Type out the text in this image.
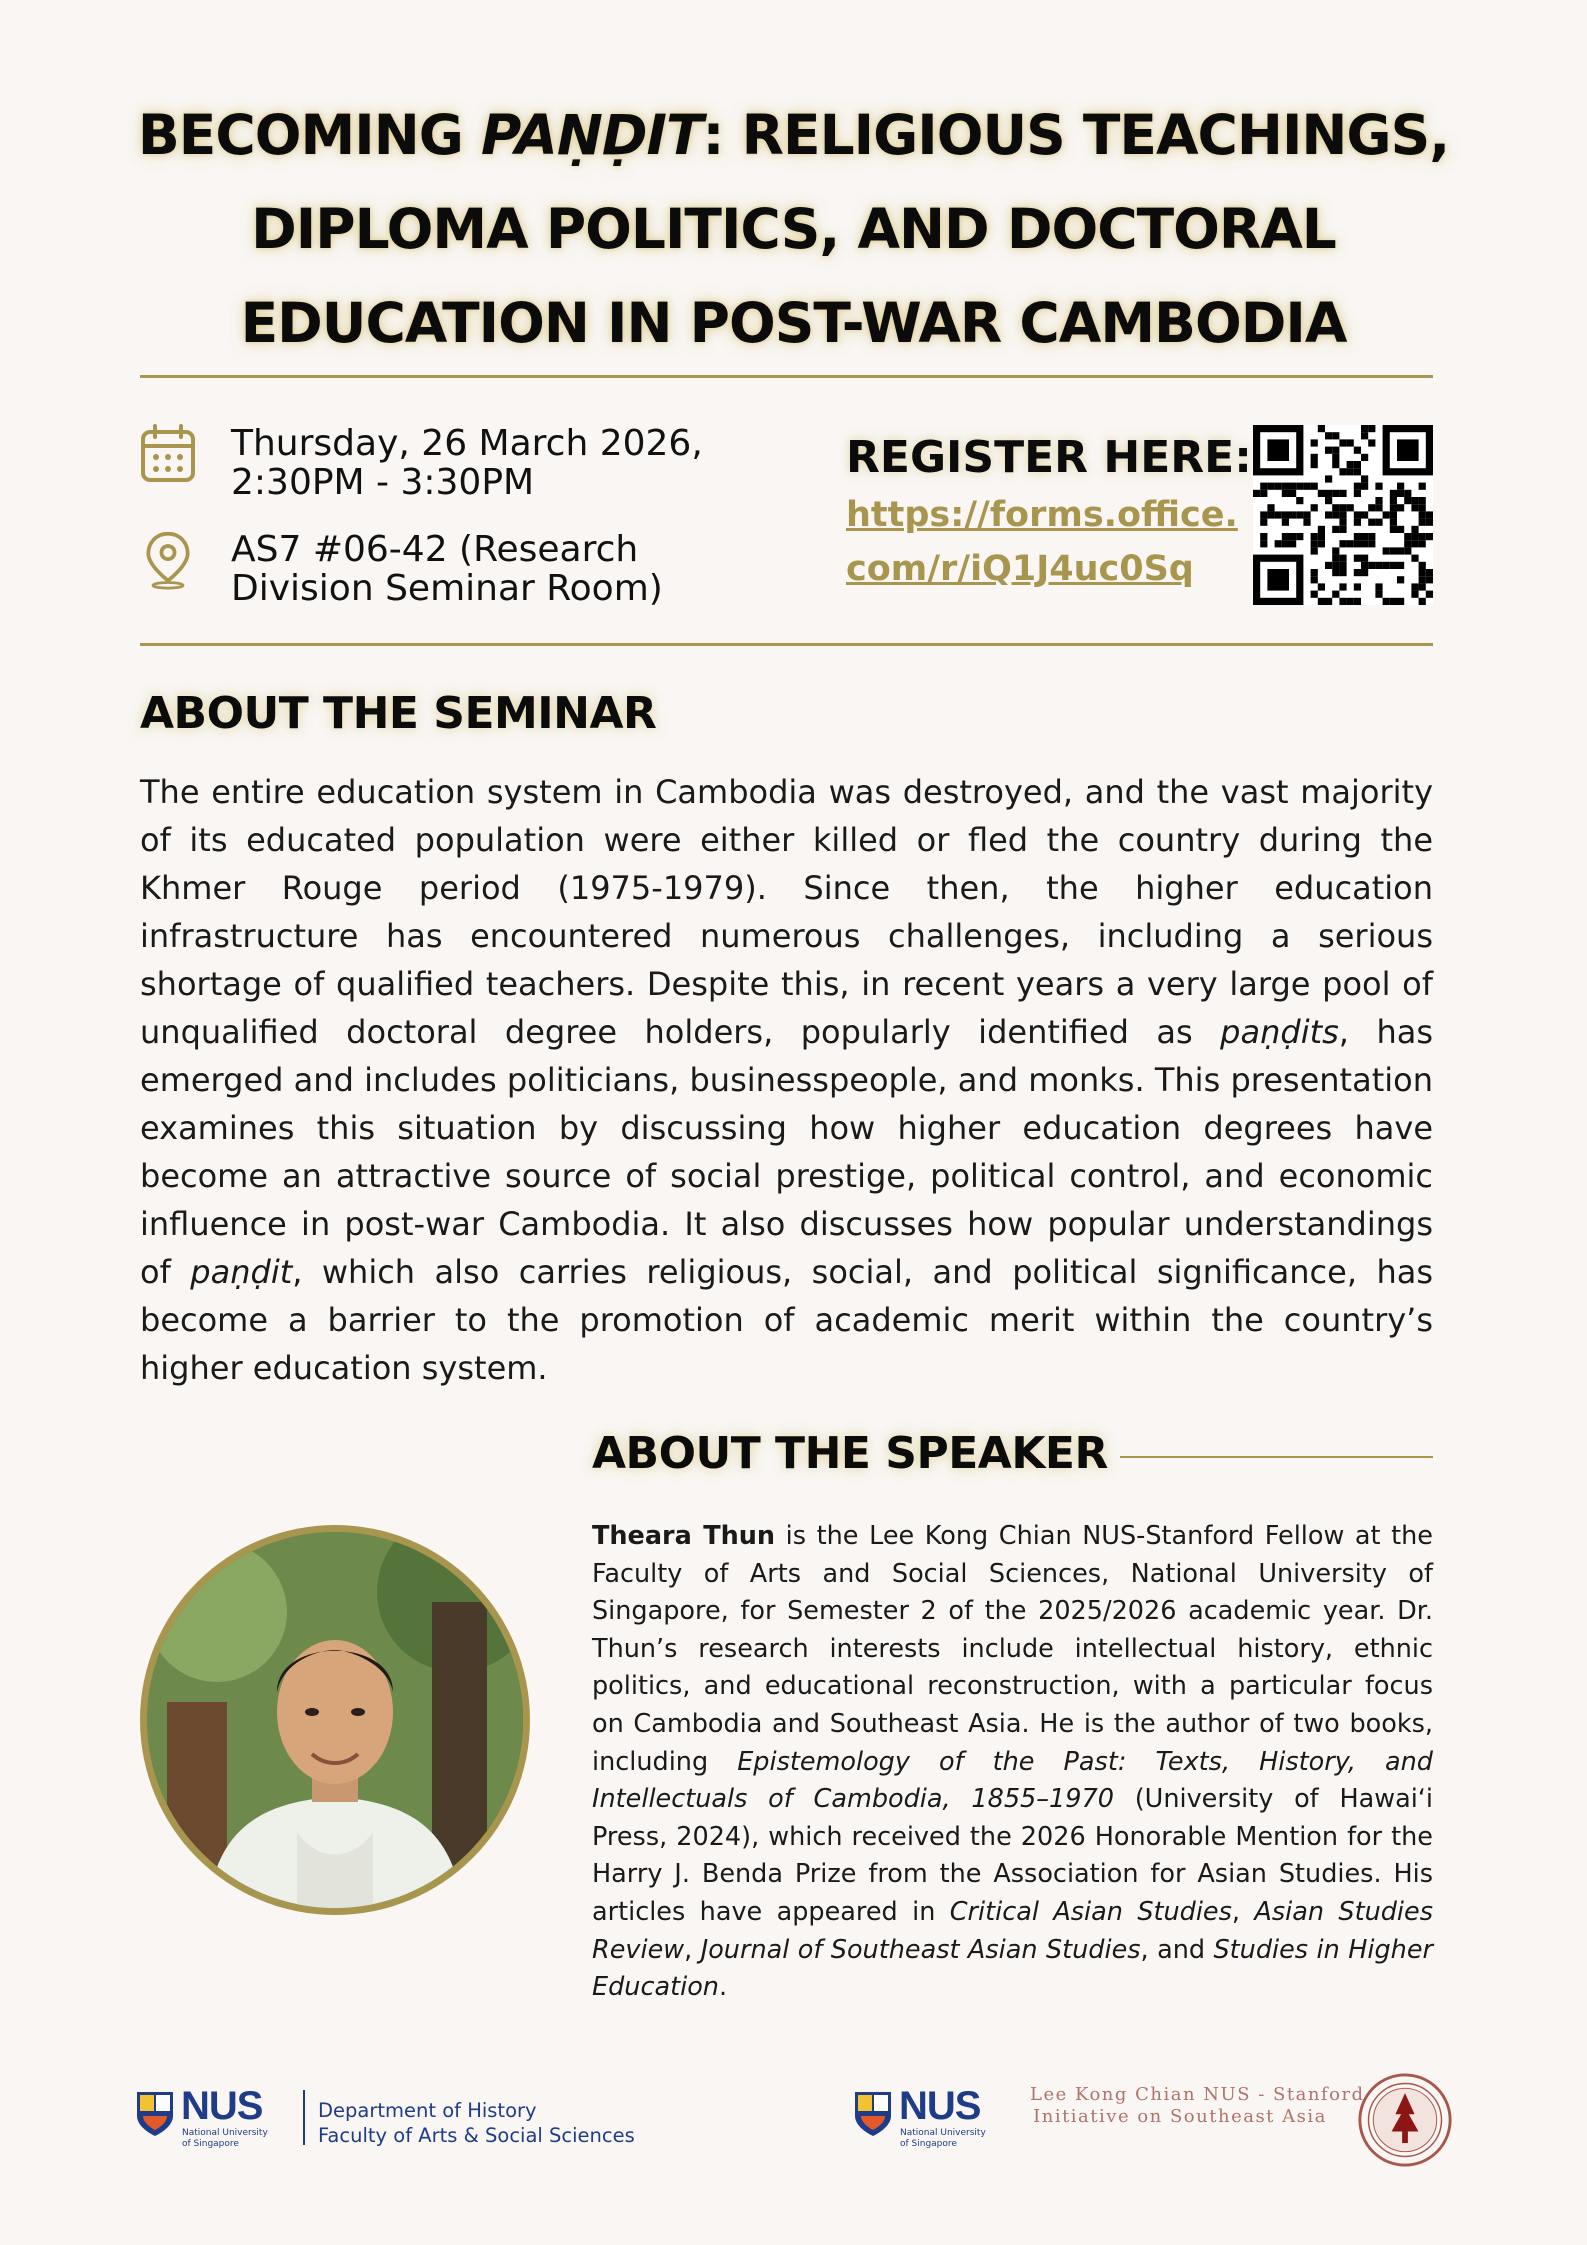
BECOMING PAṆḌIT: RELIGIOUS TEACHINGS,
DIPLOMA POLITICS, AND DOCTORAL
EDUCATION IN POST-WAR CAMBODIA
Thursday, 26 March 2026,
2:30PM - 3:30PM
AS7 #06-42 (Research
Division Seminar Room)
REGISTER HERE:
https://forms.office.
com/r/iQ1J4uc0Sq
ABOUT THE SEMINAR

The entire education system in Cambodia was destroyed, and the vast majority of its educated population were either killed or fled the country during the Khmer Rouge period (1975-1979). Since then, the higher education infrastructure has encountered numerous challenges, including a serious shortage of qualified teachers. Despite this, in recent years a very large pool of unqualified doctoral degree holders, popularly identified as paṇḍits, has emerged and includes politicians, businesspeople, and monks. This presentation examines this situation by discussing how higher education degrees have become an attractive source of social prestige, political control, and economic influence in post-war Cambodia. It also discusses how popular understandings of paṇḍit, which also carries religious, social, and political significance, has become a barrier to the promotion of academic merit within the country’s higher education system.

ABOUT THE SPEAKER

Theara Thun is the Lee Kong Chian NUS-Stanford Fellow at the Faculty of Arts and Social Sciences, National University of Singapore, for Semester 2 of the 2025/2026 academic year. Dr. Thun’s research interests include intellectual history, ethnic politics, and educational reconstruction, with a particular focus on Cambodia and Southeast Asia. He is the author of two books, including Epistemology of the Past: Texts, History, and Intellectuals of Cambodia, 1855–1970 (University of Hawaiʻi Press, 2024), which received the 2026 Honorable Mention for the Harry J. Benda Prize from the Association for Asian Studies. His articles have appeared in Critical Asian Studies, Asian Studies Review, Journal of Southeast Asian Studies, and Studies in Higher Education.

NUS
National University
of Singapore
Department of History
Faculty of Arts & Social Sciences
NUS
National University
of Singapore
Lee Kong Chian NUS - Stanford
Initiative on Southeast Asia
